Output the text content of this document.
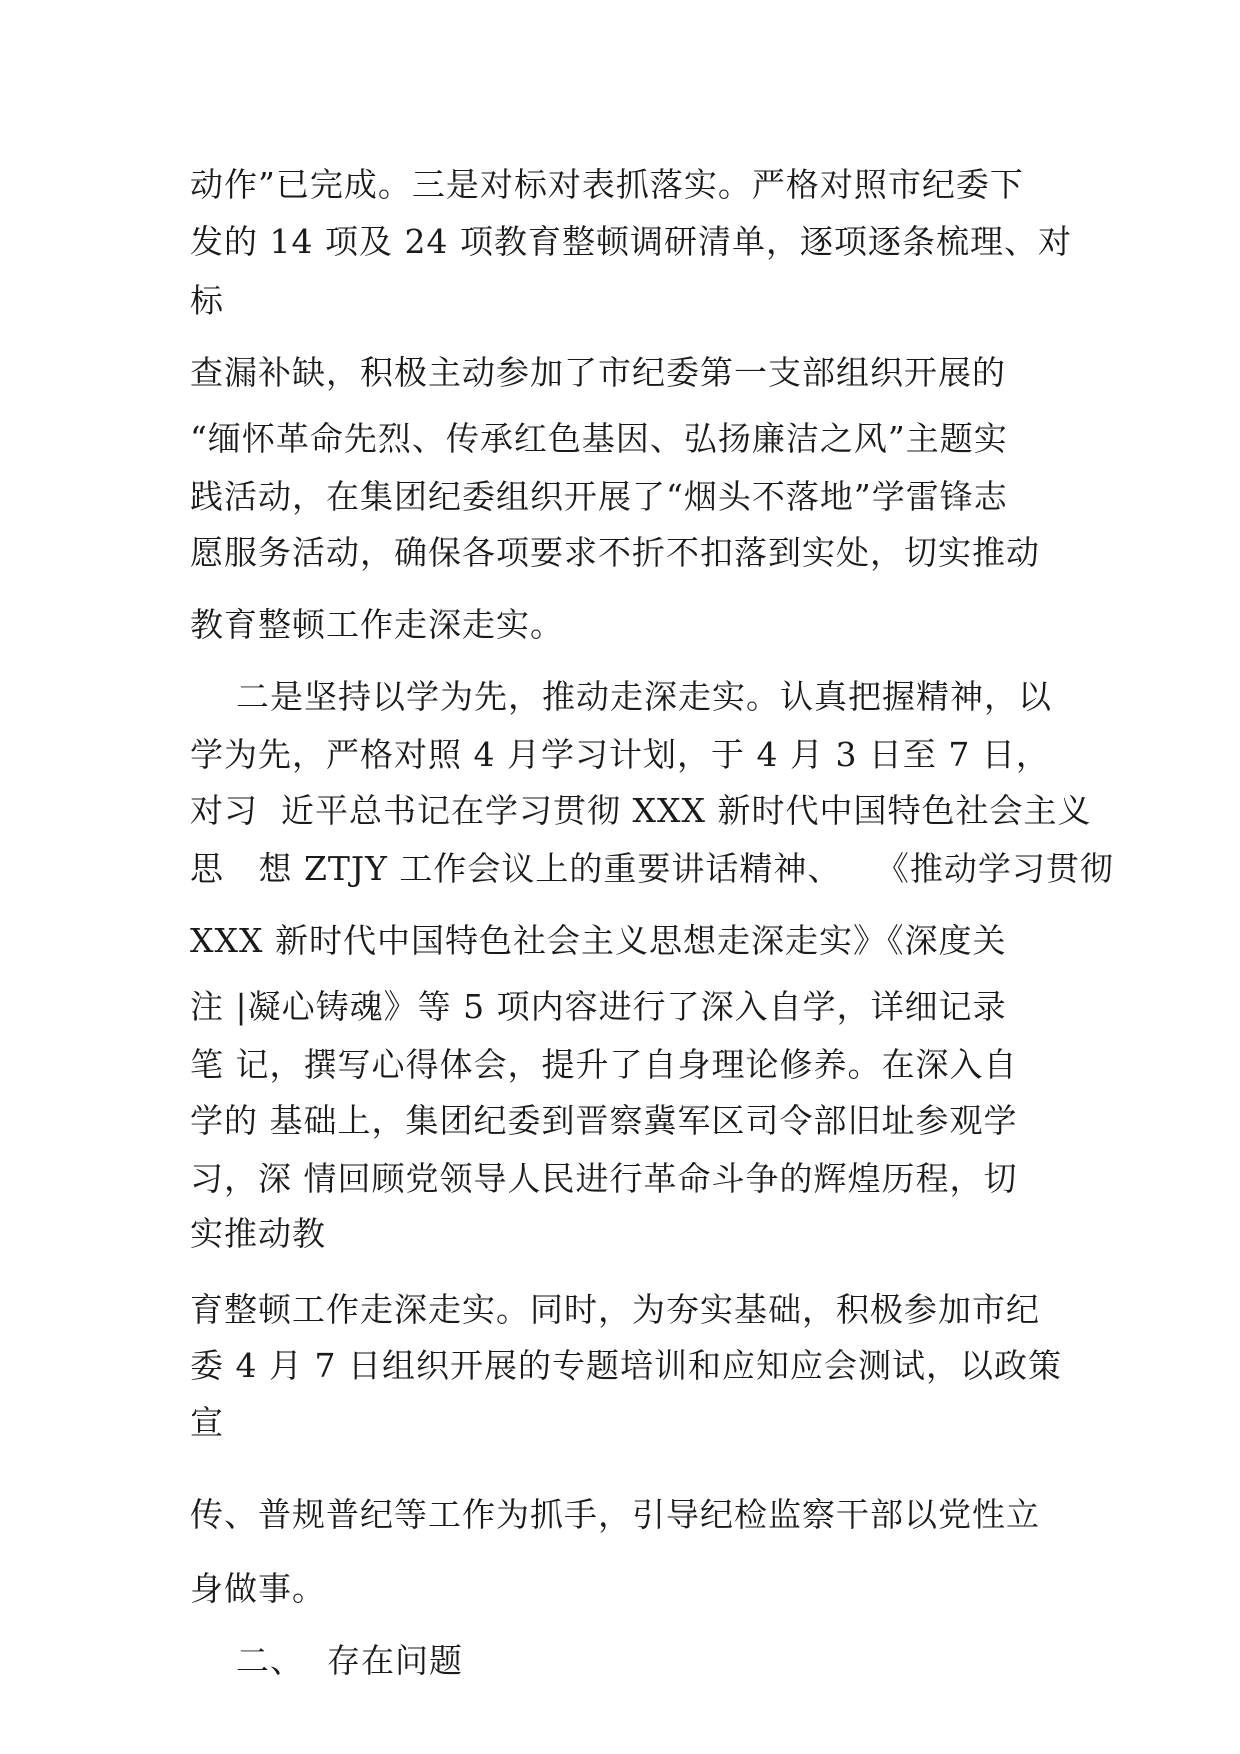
动作”已完成。三是对标对表抓落实。严格对照市纪委下
发的 14 项及 24 项教育整顿调研清单，逐项逐条梳理、对
标
查漏补缺，积极主动参加了市纪委第一支部组织开展的
“缅怀革命先烈、传承红色基因、弘扬廉洁之风”主题实
践活动，在集团纪委组织开展了“烟头不落地”学雷锋志
愿服务活动，确保各项要求不折不扣落到实处，切实推动
教育整顿工作走深走实。
二是坚持以学为先，推动走深走实。认真把握精神，以
学为先，严格对照 4 月学习计划，于 4 月 3 日至 7 日，
对习  近平总书记在学习贯彻 XXX 新时代中国特色社会主义
思   想 ZTJY 工作会议上的重要讲话精神、   《推动学习贯彻
XXX 新时代中国特色社会主义思想走深走实》《深度关
注 |凝心铸魂》等 5 项内容进行了深入自学，详细记录
笔 记，撰写心得体会，提升了自身理论修养。在深入自
学的 基础上，集团纪委到晋察冀军区司令部旧址参观学
习，深 情回顾党领导人民进行革命斗争的辉煌历程，切
实推动教
育整顿工作走深走实。同时，为夯实基础，积极参加市纪
委 4 月 7 日组织开展的专题培训和应知应会测试，以政策
宣
传、普规普纪等工作为抓手，引导纪检监察干部以党性立
身做事。
二、  存在问题
